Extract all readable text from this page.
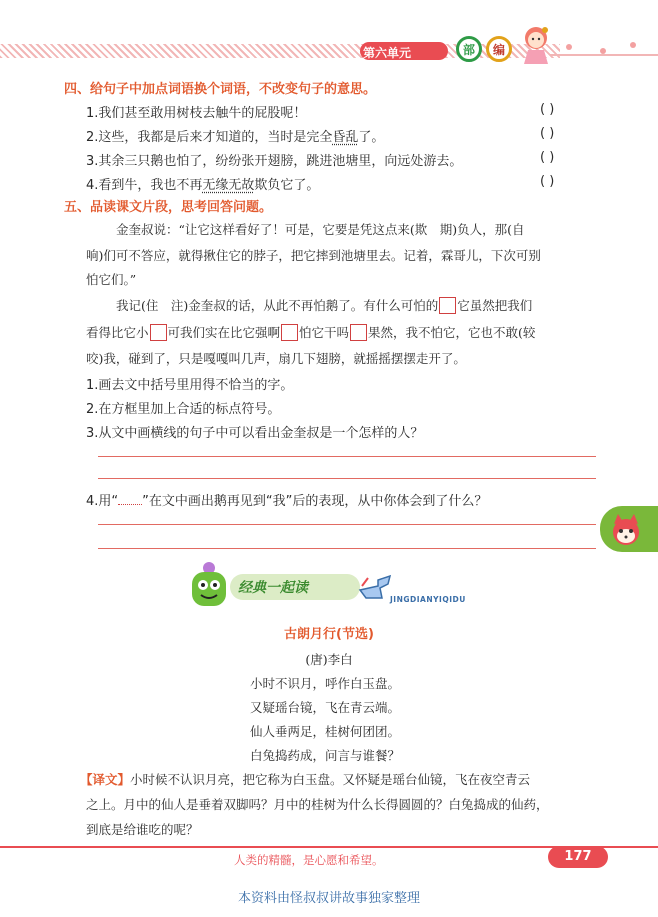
第六单元	部	编
四、给句子中加点词语换个词语，不改变句子的意思。
1.我们甚至敢用树枝去触牛的屁股呢！	( )
2.这些，我都是后来才知道的，当时是完全昏乱了。	( )
3.其余三只鹅也怕了，纷纷张开翅膀，跳进池塘里，向远处游去。	( )
4.看到牛，我也不再无缘无故欺负它了。	( )
五、品读课文片段，思考回答问题。
金奎叔说：“让它这样看好了！可是，它要是凭这点来(欺　期)负人，那(自
响)们可不答应，就得揪住它的脖子，把它摔到池塘里去。记着，霖哥儿，下次可别
怕它们。”
我记(住　注)金奎叔的话，从此不再怕鹅了。有什么可怕的 它虽然把我们
看得比它小 可我们实在比它强啊 怕它干吗 果然，我不怕它，它也不敢(较
咬)我，碰到了，只是嘎嘎叫几声，扇几下翅膀，就摇摇摆摆走开了。
1.画去文中括号里用得不恰当的字。
2.在方框里加上合适的标点符号。
3.从文中画横线的句子中可以看出金奎叔是一个怎样的人？
4.用“ ”在文中画出鹅再见到“我”后的表现，从中你体会到了什么？
经典一起读
JINGDIANYIQIDU
古朗月行(节选)
(唐)李白
小时不识月，呼作白玉盘。
又疑瑶台镜，飞在青云端。
仙人垂两足，桂树何团团。
白兔捣药成，问言与谁餐？
【译文】小时候不认识月亮，把它称为白玉盘。又怀疑是瑶台仙镜，飞在夜空青云
之上。月中的仙人是垂着双脚吗？月中的桂树为什么长得圆圆的？白兔捣成的仙药，
到底是给谁吃的呢？
人类的精髓，是心愿和希望。	177
本资料由怪叔叔讲故事独家整理
